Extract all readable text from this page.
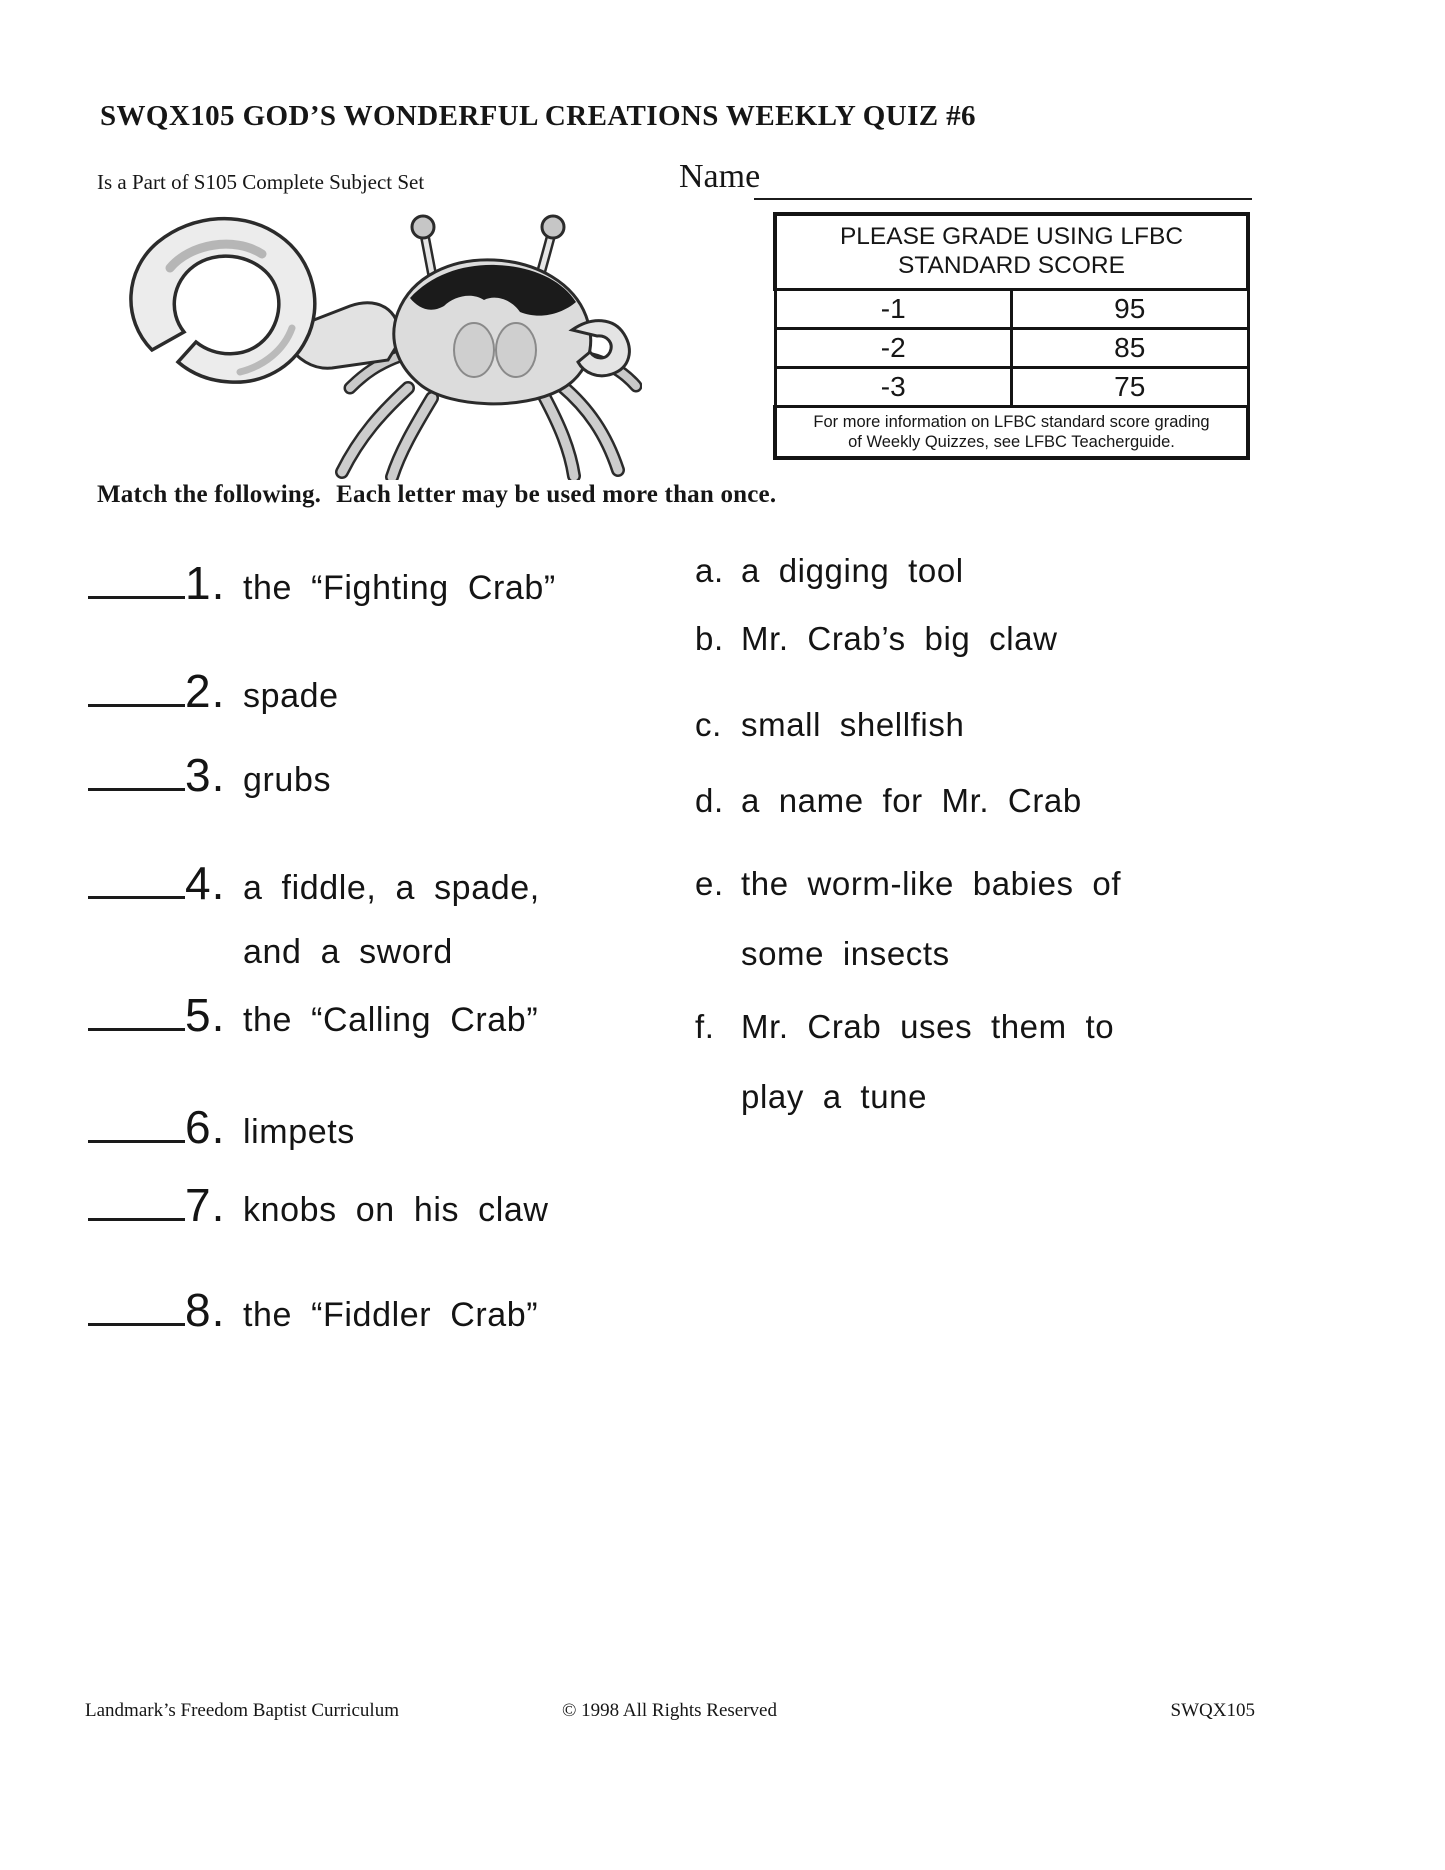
SWQX105 GOD’S WONDERFUL CREATIONS WEEKLY QUIZ #6
Is a Part of S105 Complete Subject Set	Name
PLEASE GRADE USING LFBC
STANDARD SCORE	
-1	95
-2	85
-3	75
For more information on LFBC standard score grading
of Weekly Quizzes, see LFBC Teacherguide.	
Match the following. Each letter may be used more than once.
1. the “Fighting Crab”
2. spade
3. grubs
4. a fiddle, a spade,
and a sword
5. the “Calling Crab”
6. limpets
7. knobs on his claw
8. the “Fiddler Crab”
a. a digging tool
b. Mr. Crab’s big claw
c. small shellfish
d. a name for Mr. Crab
e. the worm-like babies of
some insects
f. Mr. Crab uses them to
play a tune
Landmark’s Freedom Baptist Curriculum	© 1998 All Rights Reserved	SWQX105
